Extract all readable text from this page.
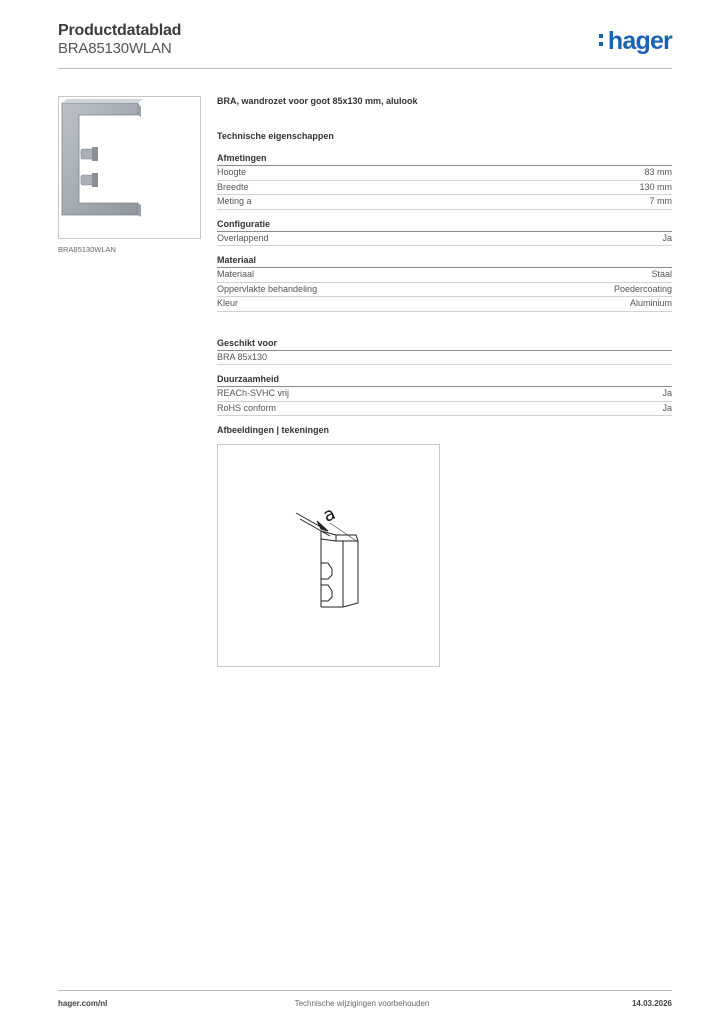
Productdatablad
BRA85130WLAN	hager
BRA85130WLAN
BRA, wandrozet voor goot 85x130 mm, alulook
Technische eigenschappen
Afmetingen
Hoogte	83 mm
Breedte	130 mm
Meting a	7 mm
Configuratie
Overlappend	Ja
Materiaal
Materiaal	Staal
Oppervlakte behandeling	Poedercoating
Kleur	Aluminium
Geschikt voor
BRA 85x130
Duurzaamheid
REACh-SVHC vrij	Ja
RoHS conform	Ja
Afbeeldingen | tekeningen
a
hager.com/nl	Technische wijzigingen voorbehouden	14.03.2026
